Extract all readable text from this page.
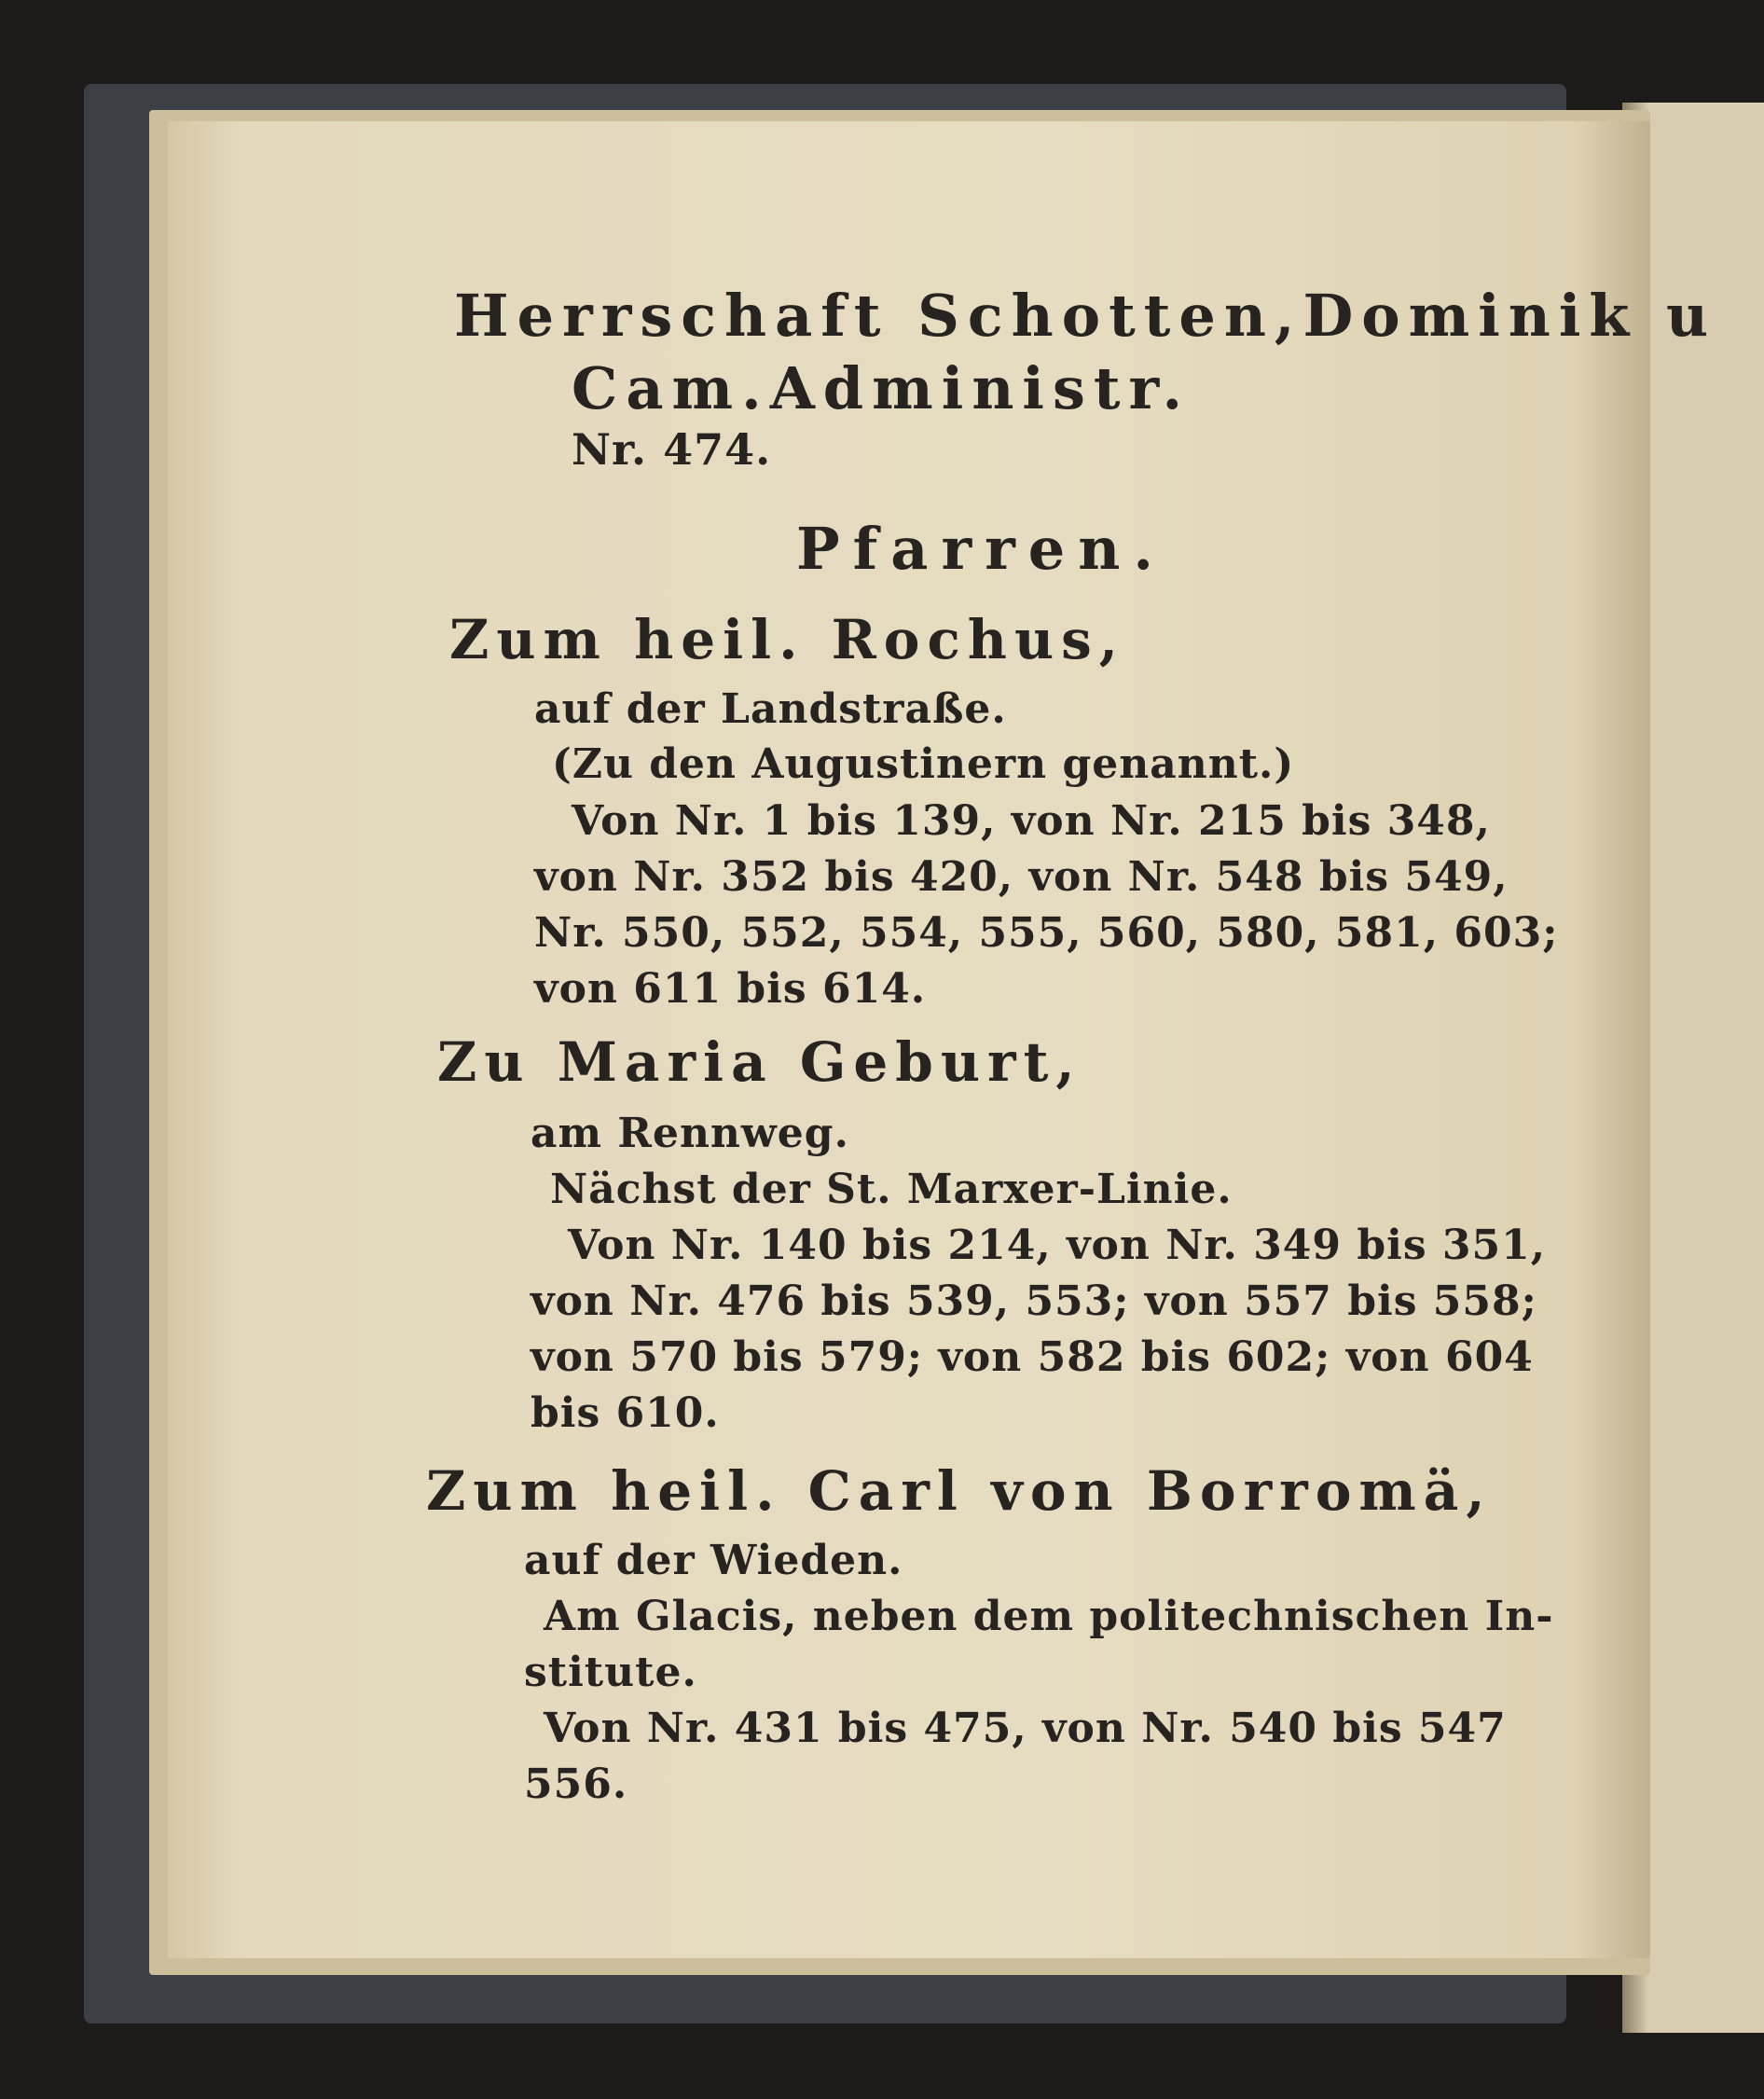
Herrschaft Schotten,Dominik u
Cam.Administr.
Nr. 474.
Pfarren.
Zum heil. Rochus,
auf der Landstraße.
(Zu den Augustinern genannt.)
Von Nr. 1 bis 139, von Nr. 215 bis 348,
von Nr. 352 bis 420, von Nr. 548 bis 549,
Nr. 550, 552, 554, 555, 560, 580, 581, 603;
von 611 bis 614.
Zu Maria Geburt,
am Rennweg.
Nächst der St. Marxer-Linie.
Von Nr. 140 bis 214, von Nr. 349 bis 351,
von Nr. 476 bis 539, 553; von 557 bis 558;
von 570 bis 579; von 582 bis 602; von 604
bis 610.
Zum heil. Carl von Borromä,
auf der Wieden.
Am Glacis, neben dem politechnischen In-
stitute.
Von Nr. 431 bis 475, von Nr. 540 bis 547
556.
